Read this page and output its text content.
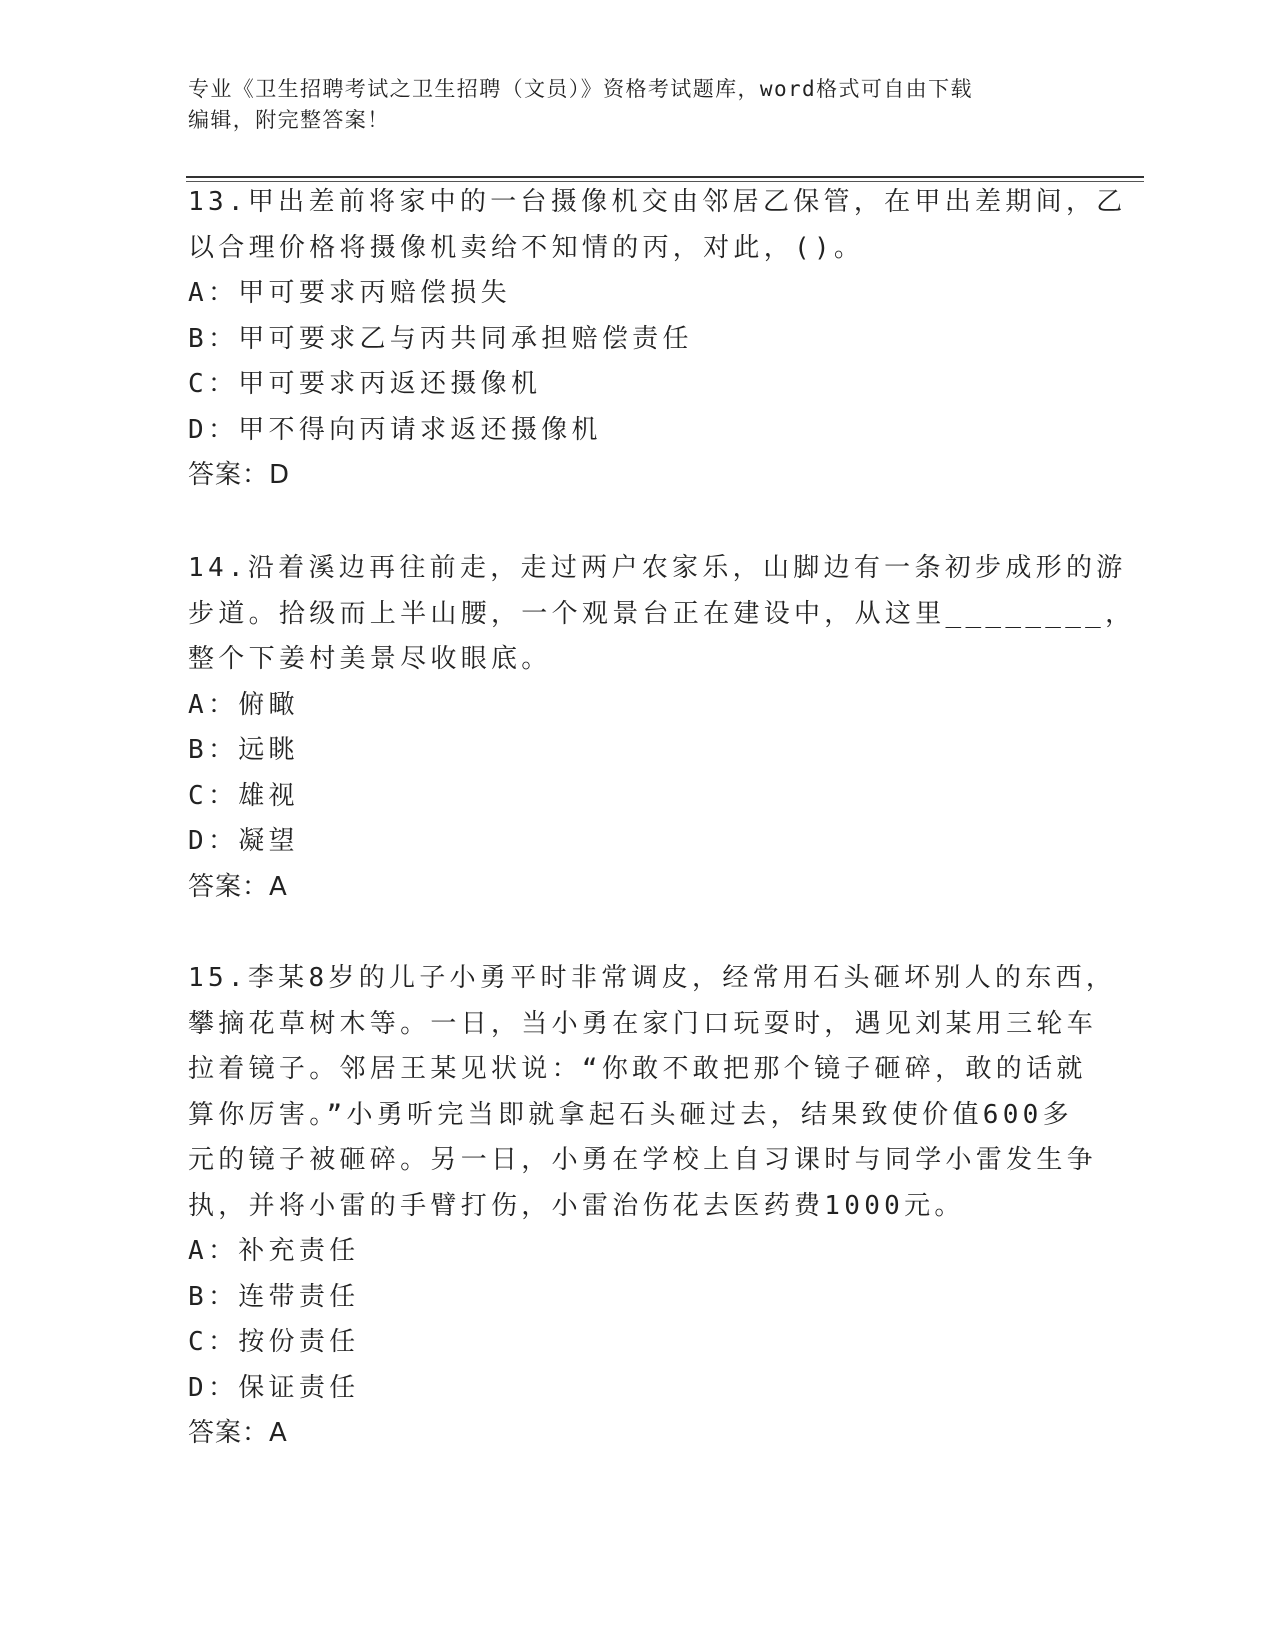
专业《卫生招聘考试之卫生招聘（文员）》资格考试题库，word格式可自由下载
编辑，附完整答案！
13.甲出差前将家中的一台摄像机交由邻居乙保管，在甲出差期间，乙
以合理价格将摄像机卖给不知情的丙，对此，()。
A：甲可要求丙赔偿损失
B：甲可要求乙与丙共同承担赔偿责任
C：甲可要求丙返还摄像机
D：甲不得向丙请求返还摄像机
答案：D
14.沿着溪边再往前走，走过两户农家乐，山脚边有一条初步成形的游
步道。拾级而上半山腰，一个观景台正在建设中，从这里________，
整个下姜村美景尽收眼底。
A：俯瞰
B：远眺
C：雄视
D：凝望
答案：A
15.李某8岁的儿子小勇平时非常调皮，经常用石头砸坏别人的东西，
攀摘花草树木等。一日，当小勇在家门口玩耍时，遇见刘某用三轮车
拉着镜子。邻居王某见状说：“你敢不敢把那个镜子砸碎，敢的话就
算你厉害。”小勇听完当即就拿起石头砸过去，结果致使价值600多
元的镜子被砸碎。另一日，小勇在学校上自习课时与同学小雷发生争
执，并将小雷的手臂打伤，小雷治伤花去医药费1000元。
A：补充责任
B：连带责任
C：按份责任
D：保证责任
答案：A
